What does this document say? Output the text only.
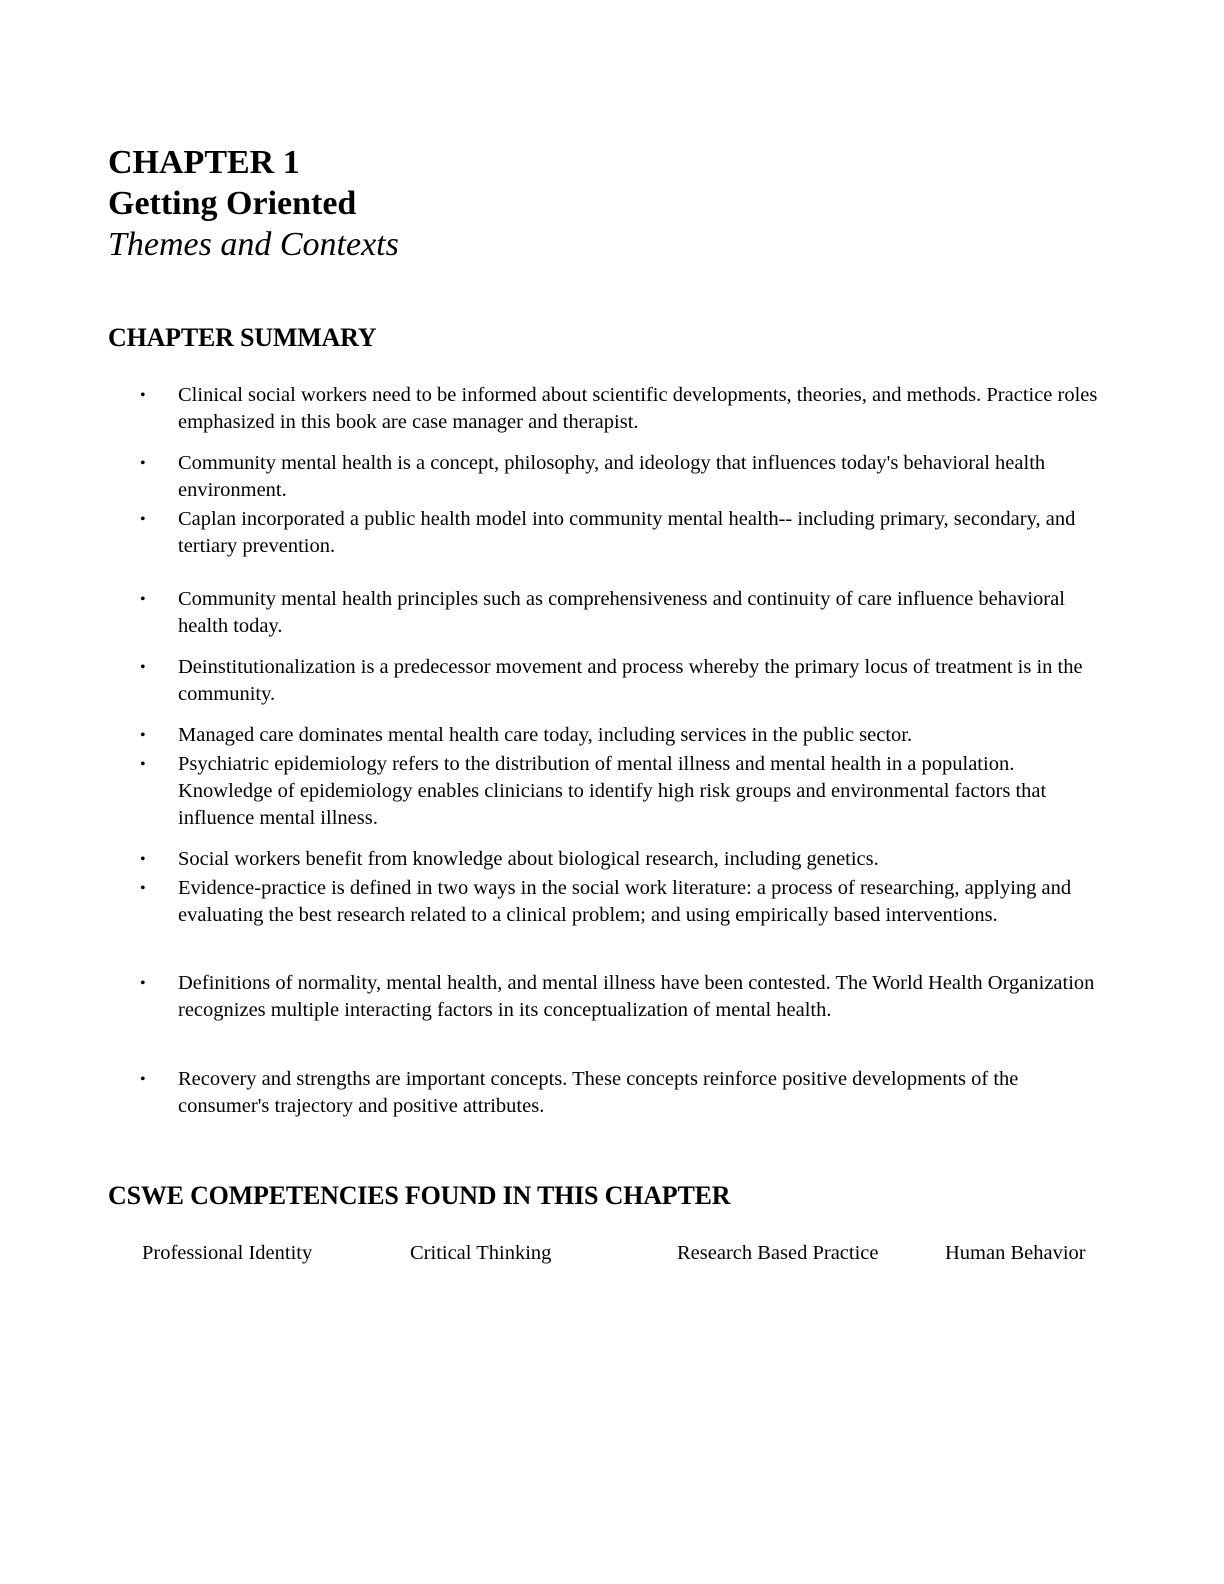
CHAPTER 1

Getting Oriented

Themes and Contexts

CHAPTER SUMMARY
•	Clinical social workers need to be informed about scientific developments, theories, and methods. Practice roles emphasized in this book are case manager and therapist.
•	Community mental health is a concept, philosophy, and ideology that influences today's behavioral health environment.
•	Caplan incorporated a public health model into community mental health-- including primary, secondary, and tertiary prevention.
•	Community mental health principles such as comprehensiveness and continuity of care influence behavioral health today.
•	Deinstitutionalization is a predecessor movement and process whereby the primary locus of treatment is in the community.
•	Managed care dominates mental health care today, including services in the public sector.
•	Psychiatric epidemiology refers to the distribution of mental illness and mental health in a population. Knowledge of epidemiology enables clinicians to identify high risk groups and environmental factors that influence mental illness.
•	Social workers benefit from knowledge about biological research, including genetics.
•	Evidence-practice is defined in two ways in the social work literature: a process of researching, applying and evaluating the best research related to a clinical problem; and using empirically based interventions.
•	Definitions of normality, mental health, and mental illness have been contested. The World Health Organization recognizes multiple interacting factors in its conceptualization of mental health.
•	Recovery and strengths are important concepts. These concepts reinforce positive developments of the consumer's trajectory and positive attributes.
CSWE COMPETENCIES FOUND IN THIS CHAPTER
Professional Identity	Critical Thinking	Research Based Practice	Human Behavior
